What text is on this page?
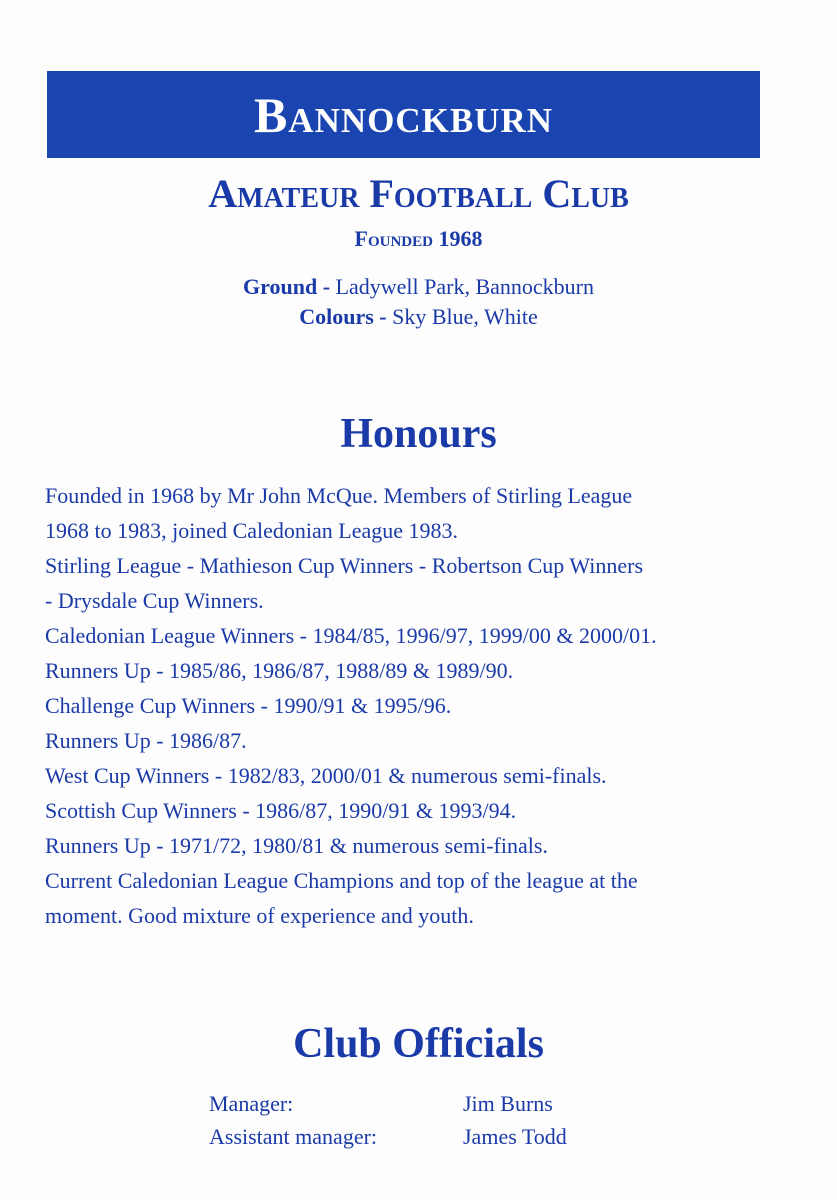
Bannockburn
Amateur Football Club
Founded 1968
Ground - Ladywell Park, Bannockburn
Colours - Sky Blue, White
Honours
Founded in 1968 by Mr John McQue. Members of Stirling League
1968 to 1983, joined Caledonian League 1983.
Stirling League - Mathieson Cup Winners - Robertson Cup Winners
- Drysdale Cup Winners.
Caledonian League Winners - 1984/85, 1996/97, 1999/00 & 2000/01.
Runners Up - 1985/86, 1986/87, 1988/89 & 1989/90.
Challenge Cup Winners - 1990/91 & 1995/96.
Runners Up - 1986/87.
West Cup Winners - 1982/83, 2000/01 & numerous semi-finals.
Scottish Cup Winners - 1986/87, 1990/91 & 1993/94.
Runners Up - 1971/72, 1980/81 & numerous semi-finals.
Current Caledonian League Champions and top of the league at the
moment. Good mixture of experience and youth.
Club Officials
Manager:
Assistant manager:
Jim Burns
James Todd
